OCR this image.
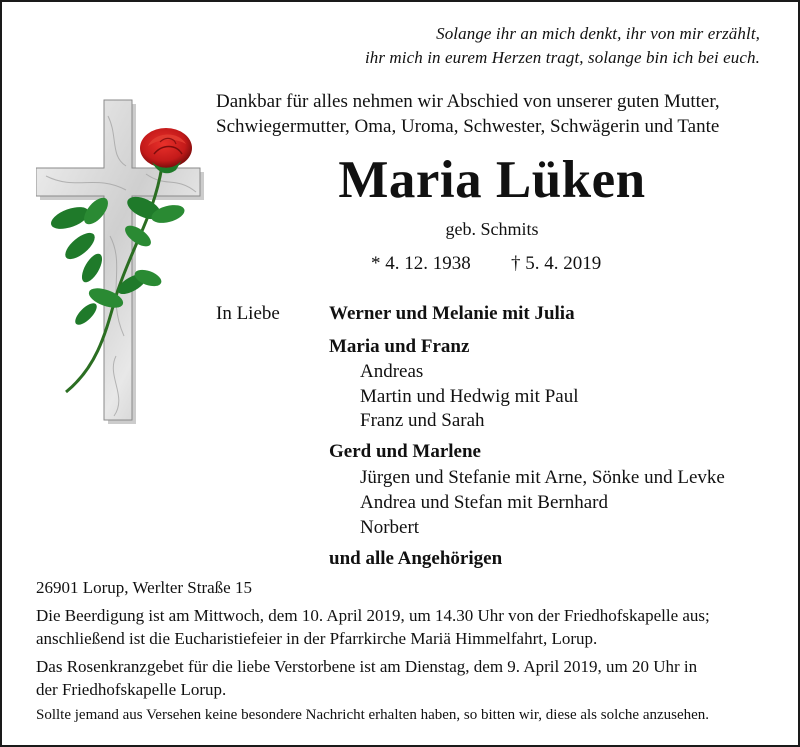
Solange ihr an mich denkt, ihr von mir erzählt,
ihr mich in eurem Herzen tragt, solange bin ich bei euch.
Dankbar für alles nehmen wir Abschied von unserer guten Mutter,
Schwiegermutter, Oma, Uroma, Schwester, Schwägerin und Tante
Maria Lüken
geb. Schmits
* 4. 12. 1938 † 5. 4. 2019
In Liebe	Werner und Melanie mit Julia
Maria und Franz
Andreas
Martin und Hedwig mit Paul
Franz und Sarah
Gerd und Marlene
Jürgen und Stefanie mit Arne, Sönke und Levke
Andrea und Stefan mit Bernhard
Norbert
und alle Angehörigen
26901 Lorup, Werlter Straße 15
Die Beerdigung ist am Mittwoch, dem 10. April 2019, um 14.30 Uhr von der Friedhofskapelle aus;
anschließend ist die Eucharistiefeier in der Pfarrkirche Mariä Himmelfahrt, Lorup.
Das Rosenkranzgebet für die liebe Verstorbene ist am Dienstag, dem 9. April 2019, um 20 Uhr in
der Friedhofskapelle Lorup.
Sollte jemand aus Versehen keine besondere Nachricht erhalten haben, so bitten wir, diese als solche anzusehen.
